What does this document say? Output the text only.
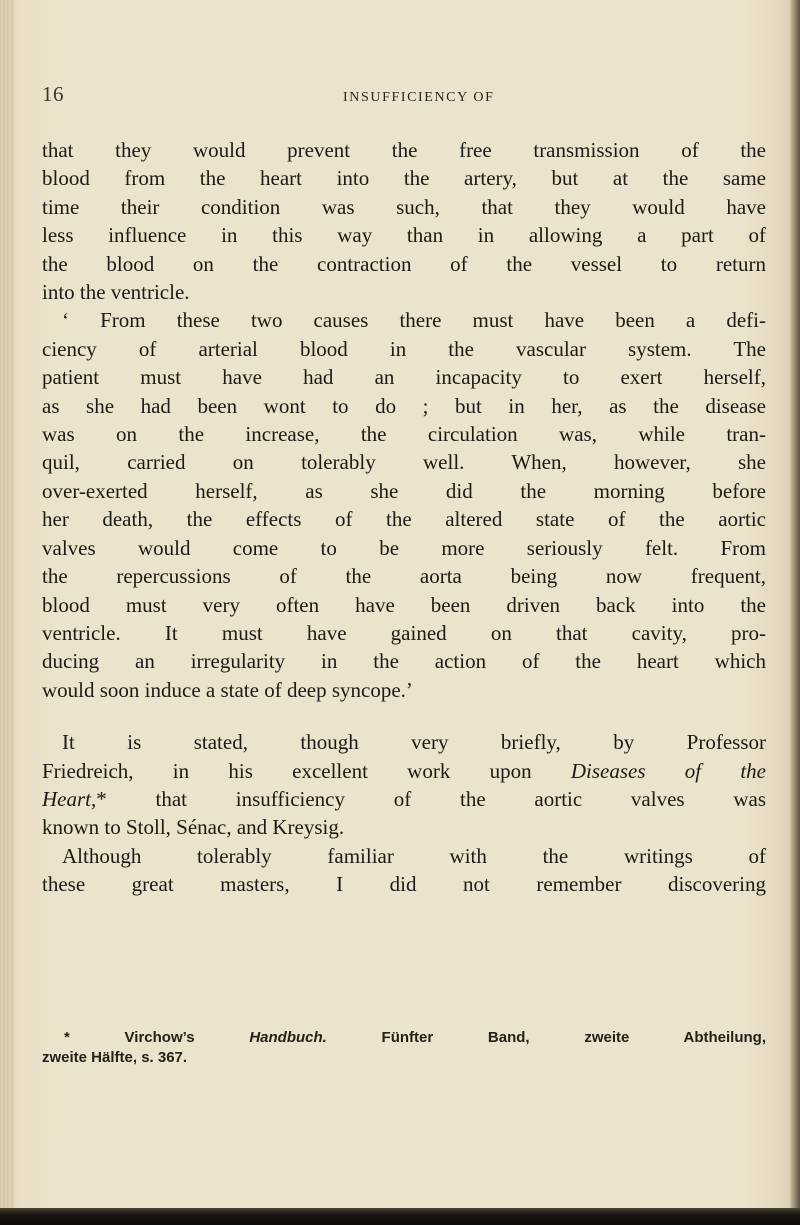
16	INSUFFICIENCY OF
that they would prevent the free transmission of the
blood from the heart into the artery, but at the same
time their condition was such, that they would have
less influence in this way than in allowing a part of
the blood on the contraction of the vessel to return
into the ventricle.
‘ From these two causes there must have been a defi-
ciency of arterial blood in the vascular system. The
patient must have had an incapacity to exert herself,
as she had been wont to do ; but in her, as the disease
was on the increase, the circulation was, while tran-
quil, carried on tolerably well. When, however, she
over-exerted herself, as she did the morning before
her death, the effects of the altered state of the aortic
valves would come to be more seriously felt. From
the repercussions of the aorta being now frequent,
blood must very often have been driven back into the
ventricle. It must have gained on that cavity, pro-
ducing an irregularity in the action of the heart which
would soon induce a state of deep syncope.’
It is stated, though very briefly, by Professor
Friedreich, in his excellent work upon Diseases of the
Heart,* that insufficiency of the aortic valves was
known to Stoll, Sénac, and Kreysig.
Although tolerably familiar with the writings of
these great masters, I did not remember discovering
* Virchow’s Handbuch. Fünfter Band, zweite Abtheilung,
zweite Hälfte, s. 367.
